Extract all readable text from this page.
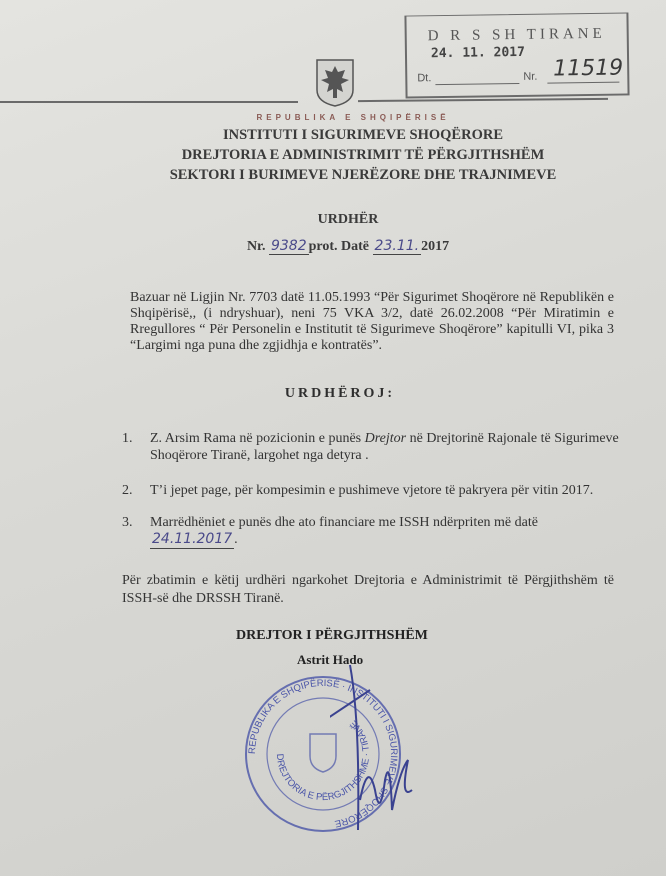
D R S SH TIRANE
24. 11. 2017
Dt.	Nr. 11519
REPUBLIKA E SHQIPËRISË
INSTITUTI I SIGURIMEVE SHOQËRORE
DREJTORIA E ADMINISTRIMIT TË PËRGJITHSHËM
SEKTORI I BURIMEVE NJERËZORE DHE TRAJNIMEVE
URDHËR
Nr. 9382 prot. Datë 23.11. 2017
Bazuar në Ligjin Nr. 7703 datë 11.05.1993 “Për Sigurimet Shoqërore në Republikën e Shqipërisë,, (i ndryshuar), neni 75 VKA 3/2, datë 26.02.2008 “Për Miratimin e Rregullores “ Për Personelin e Institutit të Sigurimeve Shoqërore” kapitulli VI, pika 3 “Largimi nga puna dhe zgjidhja e kontratës”.
URDHËROJ:
1. Z. Arsim Rama në pozicionin e punës Drejtor në Drejtorinë Rajonale të Sigurimeve Shoqërore Tiranë, largohet nga detyra .
2. T’i jepet page, për kompesimin e pushimeve vjetore të pakryera për vitin 2017.
3. Marrëdhëniet e punës dhe ato financiare me ISSH ndërpriten më datë 24.11.2017 .
Për zbatimin e këtij urdhëri ngarkohet Drejtoria e Administrimit të Përgjithshëm të ISSH-së dhe DRSSH Tiranë.
DREJTOR I PËRGJITHSHËM
Astrit Hado
REPUBLIKA E SHQIPËRISË · INSTITUTI I SIGURIMEVE SHOQËRORE
DREJTORIA E PËRGJITHSHME · TIRANË
